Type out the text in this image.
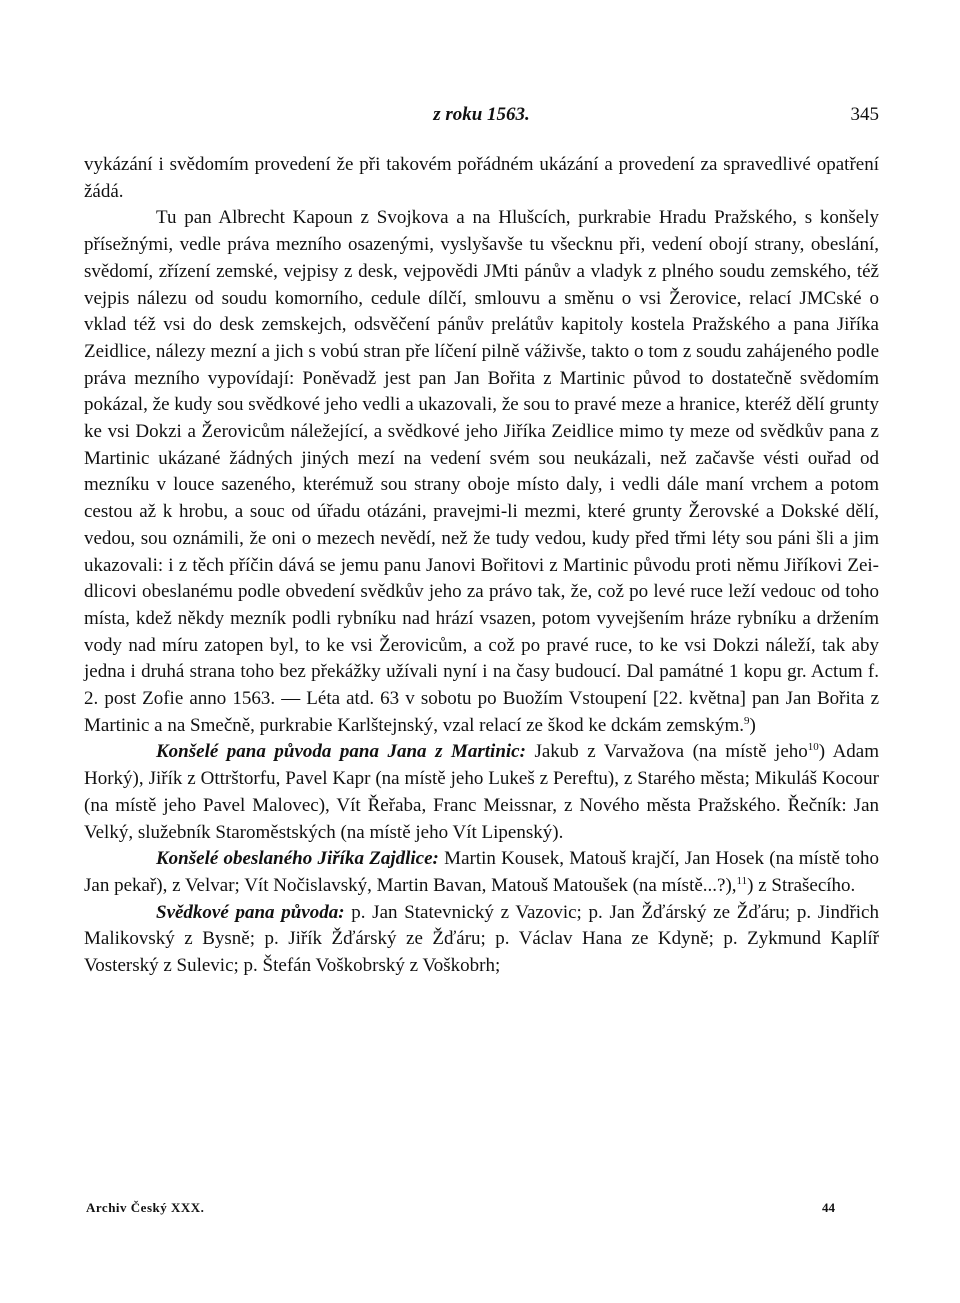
z roku 1563.	345

vykázání i svědomím provedení že při takovém pořádném ukázání a provedení za spravedlivé opatření žádá.

Tu pan Albrecht Kapoun z Svojkova a na Hlušcích, purkrabie Hradu Pražského, s konšely přísežnými, vedle práva mezního osazenými, vyslyšavše tu všecknu při, vedení obojí strany, obeslání, svědomí, zřízení zemské, vejpisy z desk, vejpovědi JMti pánův a vladyk z plného soudu zemského, též vejpis nálezu od soudu komorního, cedule dílčí, smlouvu a směnu o vsi Žerovice, relací JMCské o vklad též vsi do desk zemskejch, odsvěčení pánův prelátův kapitoly kostela Pražského a pana Jiříka Zeidlice, nálezy mezní a jich s vobú stran pře líčení pilně váživše, takto o tom z soudu zahájeného podle práva mezního vypovídají: Poněvadž jest pan Jan Bořita z Martinic původ to dostatečně svědomím pokázal, že kudy sou svědkové jeho vedli a ukazovali, že sou to pravé meze a hranice, kteréž dělí grunty ke vsi Dokzi a Žerovicům náležející, a svědkové jeho Jiříka Zeidlice mimo ty meze od svědkův pana z Martinic ukázané žádných jiných mezí na vedení svém sou neukázali, než začavše vésti ouřad od mezníku v louce sazeného, kterémuž sou strany oboje místo daly, i vedli dále maní vrchem a potom cestou až k hrobu, a souc od úřadu otázáni, pravejmi-li mezmi, které grunty Žerovské a Dokské dělí, vedou, sou oznámili, že oni o mezech nevědí, než že tudy vedou, kudy před třmi léty sou páni šli a jim ukazovali: i z těch příčin dává se jemu panu Janovi Bořitovi z Martinic původu proti němu Jiříkovi Zeidlicovi obeslanému podle obvedení svědkův jeho za právo tak, že, což po levé ruce leží vedouc od toho místa, kdež někdy mezník podli rybníku nad hrází vsazen, potom vyvejšením hráze rybníku a držením vody nad míru zatopen byl, to ke vsi Žerovicům, a což po pravé ruce, to ke vsi Dokzi náleží, tak aby jedna i druhá strana toho bez překážky užívali nyní i na časy budoucí. Dal památné 1 kopu gr. Actum f. 2. post Zofie anno 1563. — Léta atd. 63 v sobotu po Buožím Vstoupení [22. května] pan Jan Bořita z Martinic a na Smečně, purkrabie Karlštejnský, vzal relací ze škod ke dckám zemským.$^9$)

Konšelé pana původa pana Jana z Martinic: Jakub z Varvažova (na místě jeho$^{10}$) Adam Horký), Jiřík z Ottrštorfu, Pavel Kapr (na místě jeho Lukeš z Pereftu), z Starého města; Mikuláš Kocour (na místě jeho Pavel Malovec), Vít Řeřaba, Franc Meissnar, z Nového města Pražského. Řečník: Jan Velký, služebník Staroměstských (na místě jeho Vít Lipenský).

Konšelé obeslaného Jiříka Zajdlice: Martin Kousek, Matouš krajčí, Jan Hosek (na místě toho Jan pekař), z Velvar; Vít Nočislavský, Martin Bavan, Matouš Matoušek (na místě...?),$^{11}$) z Strašecího.

Svědkové pana původa: p. Jan Statevnický z Vazovic; p. Jan Žďárský ze Žďáru; p. Jindřich Malikovský z Bysně; p. Jiřík Žďárský ze Žďáru; p. Václav Hana ze Kdyně; p. Zykmund Kaplíř Vosterský z Sulevic; p. Štefán Voškobrský z Voškobrh;

Archiv Český XXX.	44
